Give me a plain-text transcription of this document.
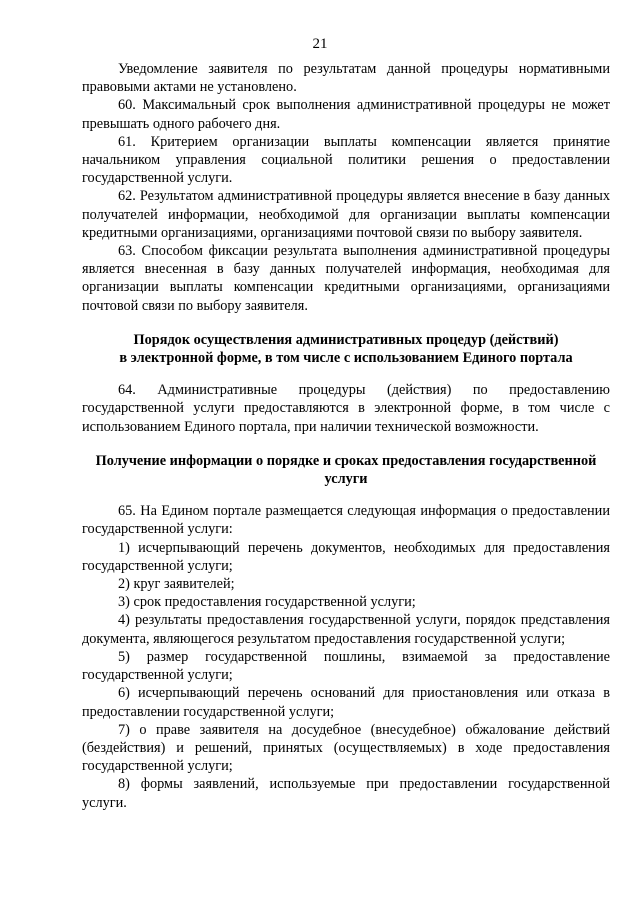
21

Уведомление заявителя по результатам данной процедуры нормативными правовыми актами не установлено.

60. Максимальный срок выполнения административной процедуры не может превышать одного рабочего дня.

61. Критерием организации выплаты компенсации является принятие начальником управления социальной политики решения о предоставлении государственной услуги.

62. Результатом административной процедуры является внесение в базу данных получателей информации, необходимой для организации выплаты компенсации кредитными организациями, организациями почтовой связи по выбору заявителя.

63. Способом фиксации результата выполнения административной процедуры является внесенная в базу данных получателей информация, необходимая для организации выплаты компенсации кредитными организациями, организациями почтовой связи по выбору заявителя.

Порядок осуществления административных процедур (действий)
в электронной форме, в том числе с использованием Единого портала

64. Административные процедуры (действия) по предоставлению государственной услуги предоставляются в электронной форме, в том числе с использованием Единого портала, при наличии технической возможности.

Получение информации о порядке и сроках предоставления государственной
услуги

65. На Едином портале размещается следующая информация о предоставлении государственной услуги:

1) исчерпывающий перечень документов, необходимых для предоставления государственной услуги;

2) круг заявителей;

3) срок предоставления государственной услуги;

4) результаты предоставления государственной услуги, порядок представления документа, являющегося результатом предоставления государственной услуги;

5) размер государственной пошлины, взимаемой за предоставление государственной услуги;

6) исчерпывающий перечень оснований для приостановления или отказа в предоставлении государственной услуги;

7) о праве заявителя на досудебное (внесудебное) обжалование действий (бездействия) и решений, принятых (осуществляемых) в ходе предоставления государственной услуги;

8) формы заявлений, используемые при предоставлении государственной услуги.
